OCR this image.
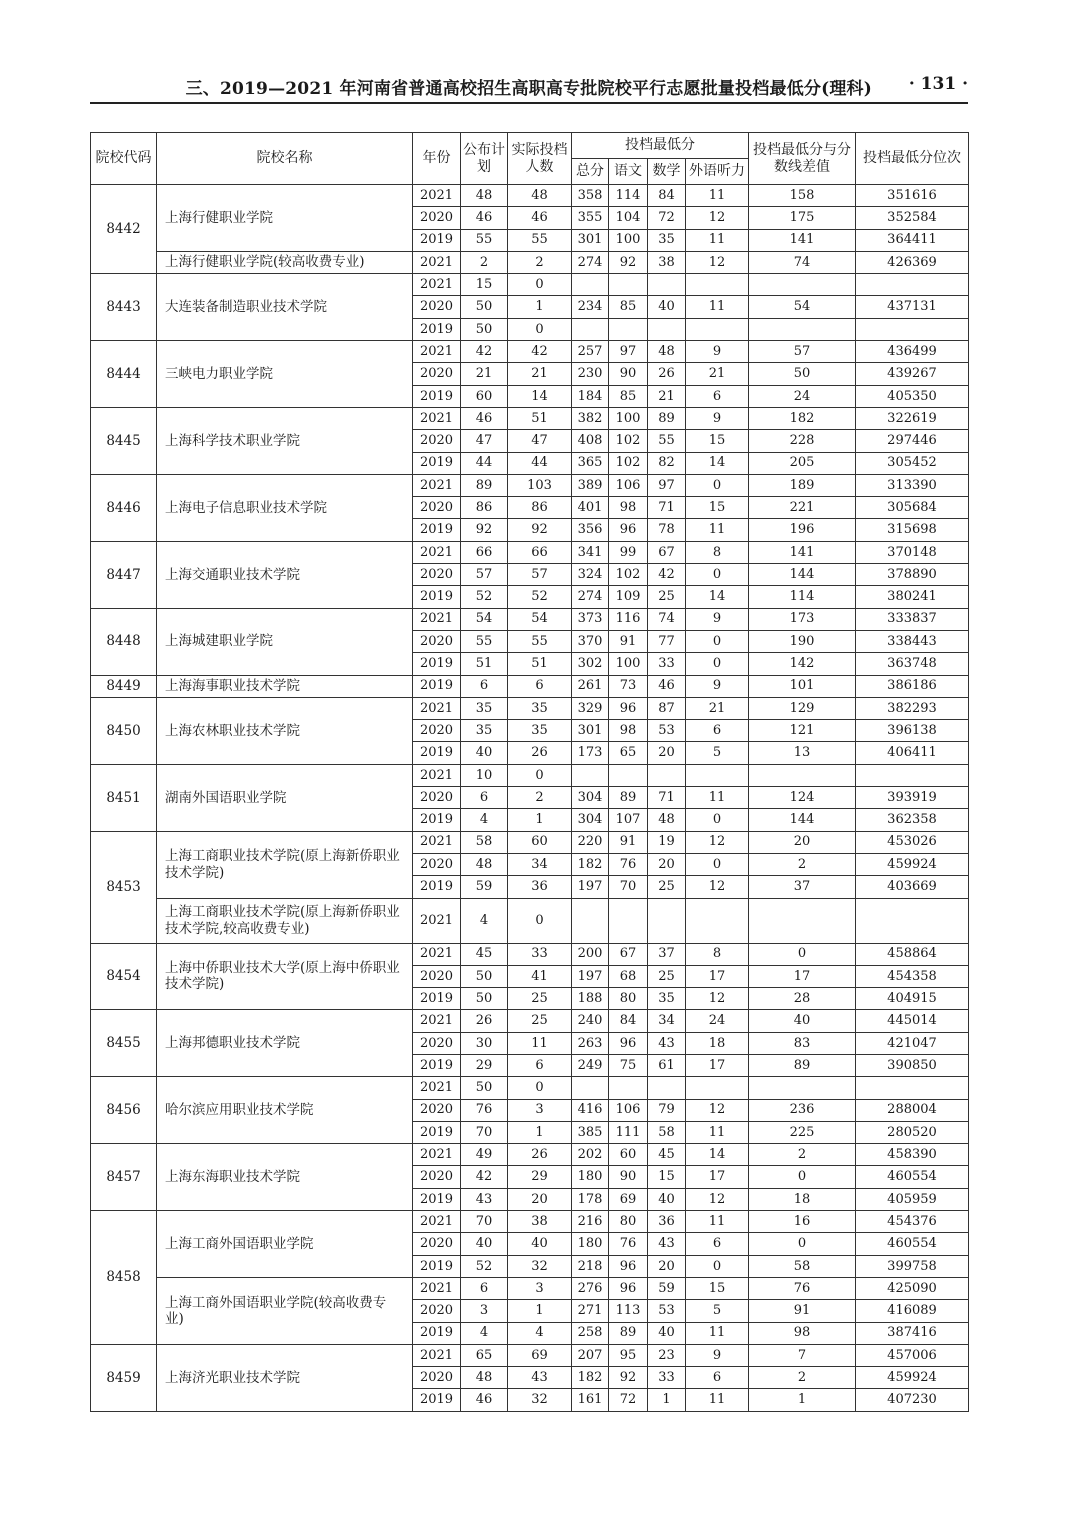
三、2019—2021 年河南省普通高校招生高职高专批院校平行志愿批量投档最低分(理科) · 131 ·
院校代码	院校名称	年份	公布计划	实际投档人数	投档最低分				投档最低分与分数线差值	投档最低分位次
					总分	语文	数学	外语听力		
8442	上海行健职业学院	2021	48	48	358	114	84	11	158	351616
		2020	46	46	355	104	72	12	175	352584
		2019	55	55	301	100	35	11	141	364411
	上海行健职业学院(较高收费专业)	2021	2	2	274	92	38	12	74	426369
8443	大连装备制造职业技术学院	2021	15	0						
		2020	50	1	234	85	40	11	54	437131
		2019	50	0						
8444	三峡电力职业学院	2021	42	42	257	97	48	9	57	436499
		2020	21	21	230	90	26	21	50	439267
		2019	60	14	184	85	21	6	24	405350
8445	上海科学技术职业学院	2021	46	51	382	100	89	9	182	322619
		2020	47	47	408	102	55	15	228	297446
		2019	44	44	365	102	82	14	205	305452
8446	上海电子信息职业技术学院	2021	89	103	389	106	97	0	189	313390
		2020	86	86	401	98	71	15	221	305684
		2019	92	92	356	96	78	11	196	315698
8447	上海交通职业技术学院	2021	66	66	341	99	67	8	141	370148
		2020	57	57	324	102	42	0	144	378890
		2019	52	52	274	109	25	14	114	380241
8448	上海城建职业学院	2021	54	54	373	116	74	9	173	333837
		2020	55	55	370	91	77	0	190	338443
		2019	51	51	302	100	33	0	142	363748
8449	上海海事职业技术学院	2019	6	6	261	73	46	9	101	386186
8450	上海农林职业技术学院	2021	35	35	329	96	87	21	129	382293
		2020	35	35	301	98	53	6	121	396138
		2019	40	26	173	65	20	5	13	406411
8451	湖南外国语职业学院	2021	10	0						
		2020	6	2	304	89	71	11	124	393919
		2019	4	1	304	107	48	0	144	362358
8453	上海工商职业技术学院(原上海新侨职业技术学院)	2021	58	60	220	91	19	12	20	453026
		2020	48	34	182	76	20	0	2	459924
		2019	59	36	197	70	25	12	37	403669
	上海工商职业技术学院(原上海新侨职业技术学院,较高收费专业)	2021	4	0						
8454	上海中侨职业技术大学(原上海中侨职业技术学院)	2021	45	33	200	67	37	8	0	458864
		2020	50	41	197	68	25	17	17	454358
		2019	50	25	188	80	35	12	28	404915
8455	上海邦德职业技术学院	2021	26	25	240	84	34	24	40	445014
		2020	30	11	263	96	43	18	83	421047
		2019	29	6	249	75	61	17	89	390850
8456	哈尔滨应用职业技术学院	2021	50	0						
		2020	76	3	416	106	79	12	236	288004
		2019	70	1	385	111	58	11	225	280520
8457	上海东海职业技术学院	2021	49	26	202	60	45	14	2	458390
		2020	42	29	180	90	15	17	0	460554
		2019	43	20	178	69	40	12	18	405959
8458	上海工商外国语职业学院	2021	70	38	216	80	36	11	16	454376
		2020	40	40	180	76	43	6	0	460554
		2019	52	32	218	96	20	0	58	399758
	上海工商外国语职业学院(较高收费专业)	2021	6	3	276	96	59	15	76	425090
		2020	3	1	271	113	53	5	91	416089
		2019	4	4	258	89	40	11	98	387416
8459	上海济光职业技术学院	2021	65	69	207	95	23	9	7	457006
		2020	48	43	182	92	33	6	2	459924
		2019	46	32	161	72	1	11	1	407230
